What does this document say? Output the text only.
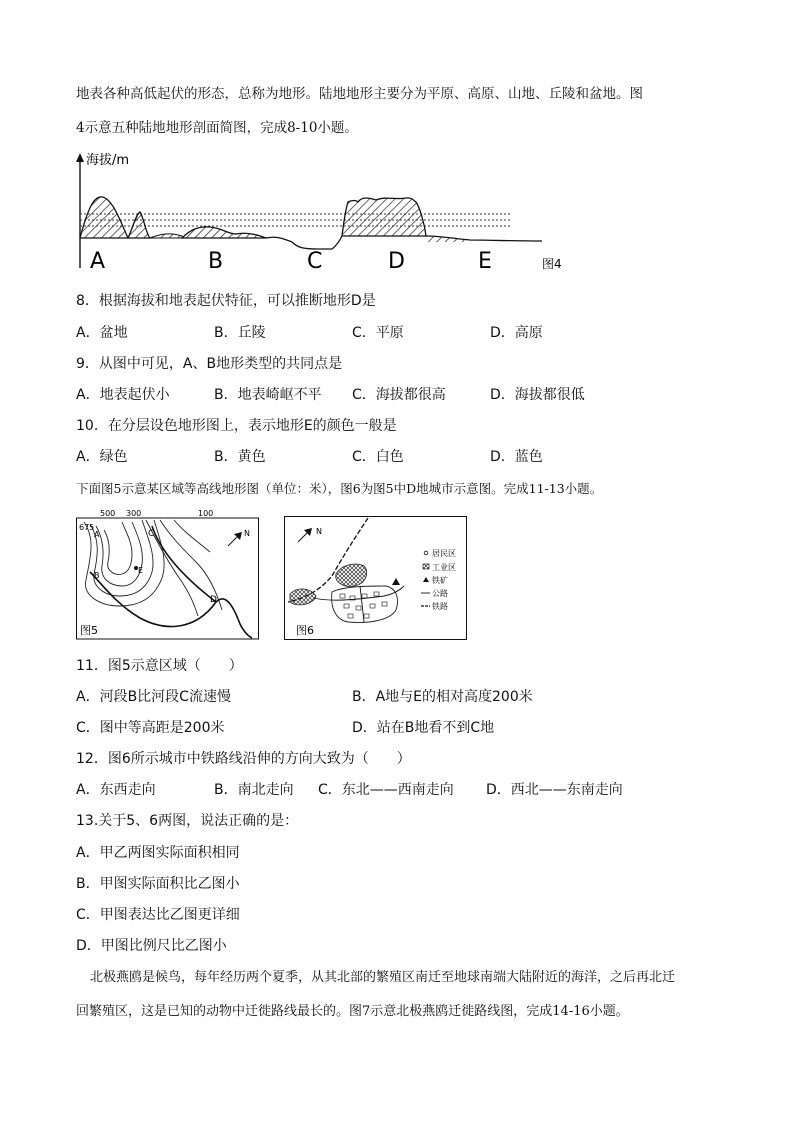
地表各种高低起伏的形态，总称为地形。陆地地形主要分为平原、高原、山地、丘陵和盆地。图
4示意五种陆地地形剖面简图，完成8-10小题。
海拔/m
A	B	C	D	E	图4
8．根据海拔和地表起伏特征，可以推断地形D是
A．盆地	B．丘陵	C．平原	D．高原
9．从图中可见，A、B地形类型的共同点是
A．地表起伏小	B．地表崎岖不平	C．海拔都很高	D．海拔都很低
10．在分层设色地形图上，表示地形E的颜色一般是
A．绿色	B．黄色	C．白色	D．蓝色
下面图5示意某区域等高线地形图（单位：米），图6为图5中D地城市示意图。完成11-13小题。
500 300	100
675
A	C
E
B
D
N
图5
N
居民区
工业区
铁矿
公路
铁路
图6
11．图5示意区域（　　）
A．河段B比河段C流速慢	B．A地与E的相对高度200米
C．图中等高距是200米	D．站在B地看不到C地
12．图6所示城市中铁路线沿伸的方向大致为（　　）
A．东西走向	B．南北走向	C．东北——西南走向	D．西北——东南走向
13.关于5、6两图，说法正确的是：
A．甲乙两图实际面积相同
B．甲图实际面积比乙图小
C．甲图表达比乙图更详细
D．甲图比例尺比乙图小
北极燕鸥是候鸟，每年经历两个夏季，从其北部的繁殖区南迁至地球南端大陆附近的海洋，之后再北迁
回繁殖区，这是已知的动物中迁徙路线最长的。图7示意北极燕鸥迁徙路线图，完成14-16小题。
